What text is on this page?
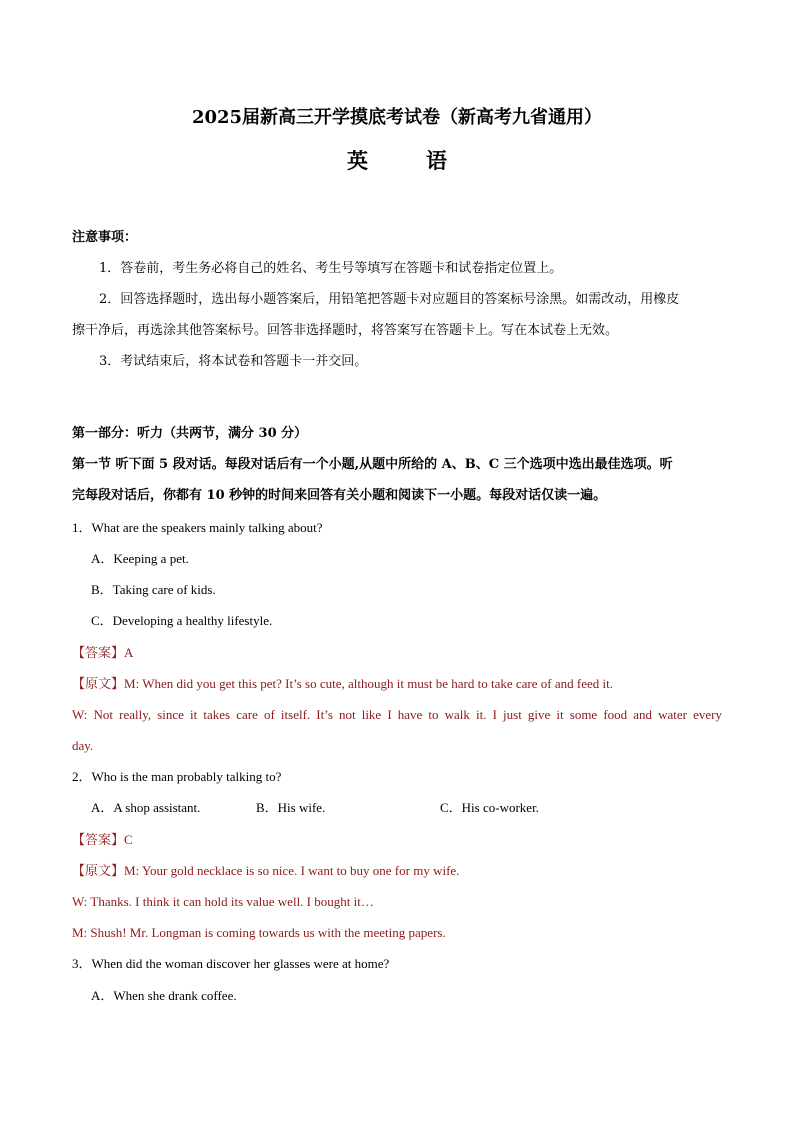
2025届新高三开学摸底考试卷（新高考九省通用）
英	语
注意事项：
1．答卷前，考生务必将自己的姓名、考生号等填写在答题卡和试卷指定位置上。
2．回答选择题时，选出每小题答案后，用铅笔把答题卡对应题目的答案标号涂黑。如需改动，用橡皮
擦干净后，再选涂其他答案标号。回答非选择题时，将答案写在答题卡上。写在本试卷上无效。
3．考试结束后，将本试卷和答题卡一并交回。
第一部分：听力（共两节，满分 30 分）
第一节 听下面 5 段对话。每段对话后有一个小题,从题中所给的 A、B、C 三个选项中选出最佳选项。听
完每段对话后，你都有 10 秒钟的时间来回答有关小题和阅读下一小题。每段对话仅读一遍。
1．What are the speakers mainly talking about?
A．Keeping a pet.
B．Taking care of kids.
C．Developing a healthy lifestyle.
【答案】A
【原文】M: When did you get this pet? It’s so cute, although it must be hard to take care of and feed it.
W: Not really, since it takes care of itself. It’s not like I have to walk it. I just give it some food and water every
day.
2．Who is the man probably talking to?
A．A shop assistant.	B．His wife.	C．His co-worker.
【答案】C
【原文】M: Your gold necklace is so nice. I want to buy one for my wife.
W: Thanks. I think it can hold its value well. I bought it…
M: Shush! Mr. Longman is coming towards us with the meeting papers.
3．When did the woman discover her glasses were at home?
A．When she drank coffee.
